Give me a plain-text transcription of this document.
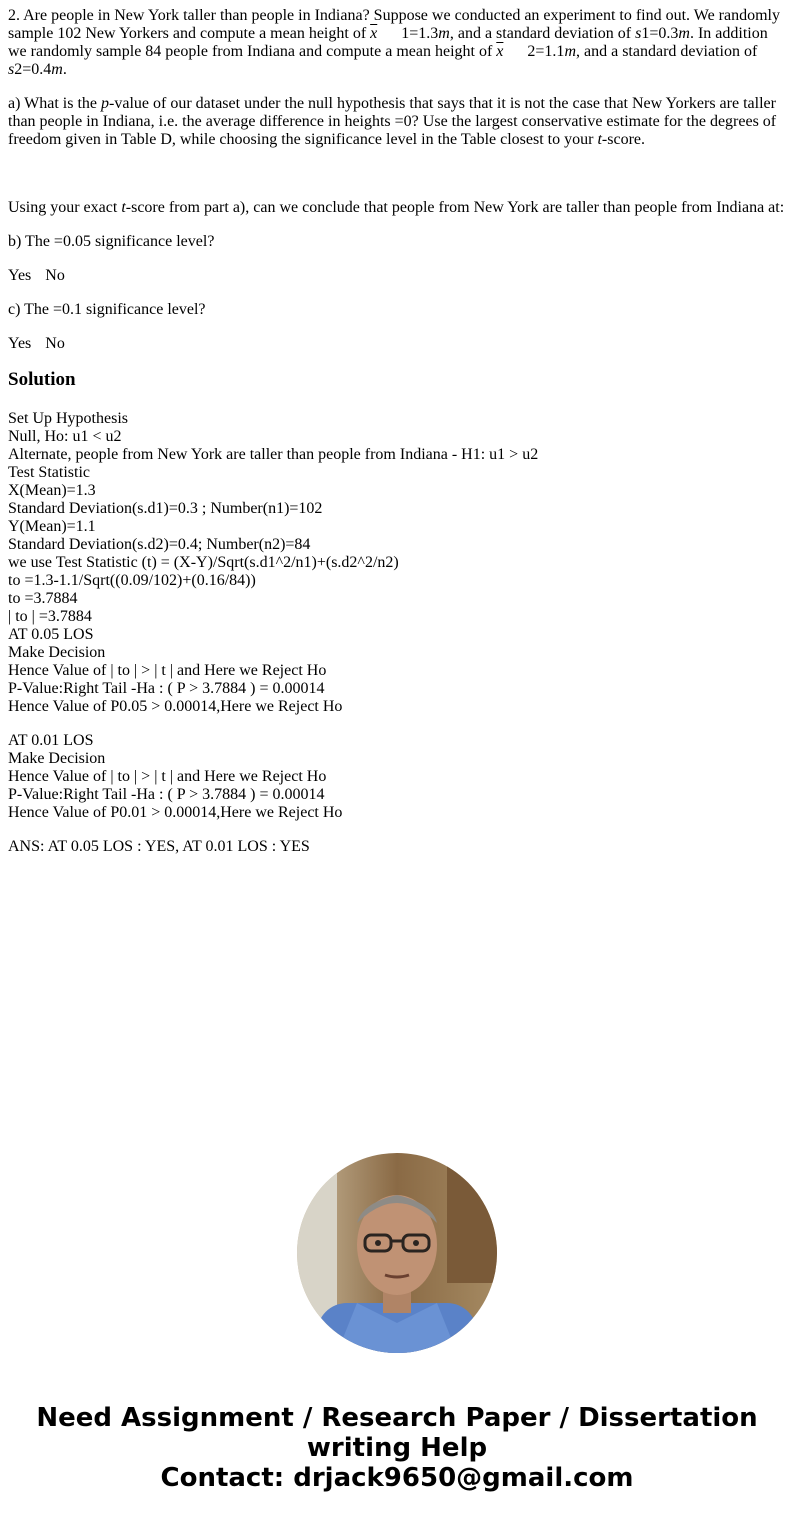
2. Are people in New York taller than people in Indiana? Suppose we conducted an experiment to find out. We randomly sample 102 New Yorkers and compute a mean height of $\overline{x}$ 1=1.3m, and a standard deviation of s1=0.3m. In addition we randomly sample 84 people from Indiana and compute a mean height of $\overline{x}$ 2=1.1m, and a standard deviation of s2=0.4m.

a) What is the p-value of our dataset under the null hypothesis that says that it is not the case that New Yorkers are taller than people in Indiana, i.e. the average difference in heights =0? Use the largest conservative estimate for the degrees of freedom given in Table D, while choosing the significance level in the Table closest to your t-score.

Using your exact t-score from part a), can we conclude that people from New York are taller than people from Indiana at:

b) The =0.05 significance level?

Yes No

c) The =0.1 significance level?

Yes No
Solution
Set Up Hypothesis
Null, Ho: u1 < u2
Alternate, people from New York are taller than people from Indiana - H1: u1 > u2
Test Statistic
X(Mean)=1.3
Standard Deviation(s.d1)=0.3 ; Number(n1)=102
Y(Mean)=1.1
Standard Deviation(s.d2)=0.4; Number(n2)=84
we use Test Statistic (t) = (X-Y)/Sqrt(s.d1^2/n1)+(s.d2^2/n2)
to =1.3-1.1/Sqrt((0.09/102)+(0.16/84))
to =3.7884
| to | =3.7884
AT 0.05 LOS
Make Decision
Hence Value of | to | > | t | and Here we Reject Ho
P-Value:Right Tail -Ha : ( P > 3.7884 ) = 0.00014
Hence Value of P0.05 > 0.00014,Here we Reject Ho
AT 0.01 LOS
Make Decision
Hence Value of | to | > | t | and Here we Reject Ho
P-Value:Right Tail -Ha : ( P > 3.7884 ) = 0.00014
Hence Value of P0.01 > 0.00014,Here we Reject Ho
ANS: AT 0.05 LOS : YES, AT 0.01 LOS : YES
Need Assignment / Research Paper / Dissertation
writing Help
Contact: drjack9650@gmail.com
